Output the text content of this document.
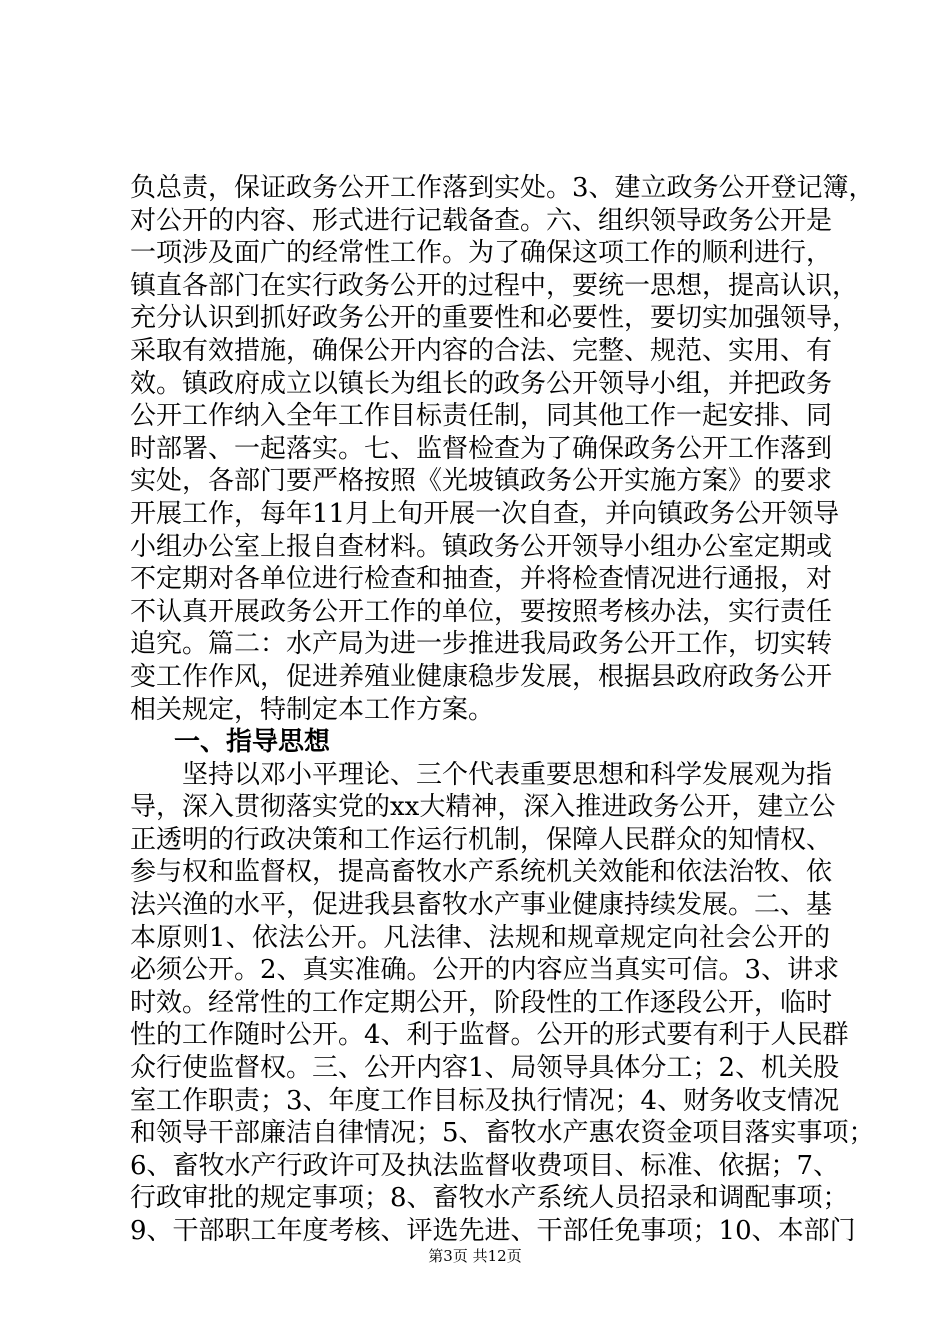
负总责，保证政务公开工作落到实处。3、建立政务公开登记簿，
对公开的内容、形式进行记载备查。六、组织领导政务公开是
一项涉及面广的经常性工作。为了确保这项工作的顺利进行，
镇直各部门在实行政务公开的过程中，要统一思想，提高认识，
充分认识到抓好政务公开的重要性和必要性，要切实加强领导，
采取有效措施，确保公开内容的合法、完整、规范、实用、有
效。镇政府成立以镇长为组长的政务公开领导小组，并把政务
公开工作纳入全年工作目标责任制，同其他工作一起安排、同
时部署、一起落实。七、监督检查为了确保政务公开工作落到
实处，各部门要严格按照《光坡镇政务公开实施方案》的要求
开展工作，每年11月上旬开展一次自查，并向镇政务公开领导
小组办公室上报自查材料。镇政务公开领导小组办公室定期或
不定期对各单位进行检查和抽查，并将检查情况进行通报，对
不认真开展政务公开工作的单位，要按照考核办法，实行责任
追究。篇二：水产局为进一步推进我局政务公开工作，切实转
变工作作风，促进养殖业健康稳步发展，根据县政府政务公开
相关规定，特制定本工作方案。
一、指导思想
坚持以邓小平理论、三个代表重要思想和科学发展观为指
导，深入贯彻落实党的xx大精神，深入推进政务公开，建立公
正透明的行政决策和工作运行机制，保障人民群众的知情权、
参与权和监督权，提高畜牧水产系统机关效能和依法治牧、依
法兴渔的水平，促进我县畜牧水产事业健康持续发展。二、基
本原则1、依法公开。凡法律、法规和规章规定向社会公开的
必须公开。2、真实准确。公开的内容应当真实可信。3、讲求
时效。经常性的工作定期公开，阶段性的工作逐段公开，临时
性的工作随时公开。4、利于监督。公开的形式要有利于人民群
众行使监督权。三、公开内容1、局领导具体分工；2、机关股
室工作职责；3、年度工作目标及执行情况；4、财务收支情况
和领导干部廉洁自律情况；5、畜牧水产惠农资金项目落实事项；
6、畜牧水产行政许可及执法监督收费项目、标准、依据；7、
行政审批的规定事项；8、畜牧水产系统人员招录和调配事项；
9、干部职工年度考核、评选先进、干部任免事项；10、本部门
第3页 共12页
